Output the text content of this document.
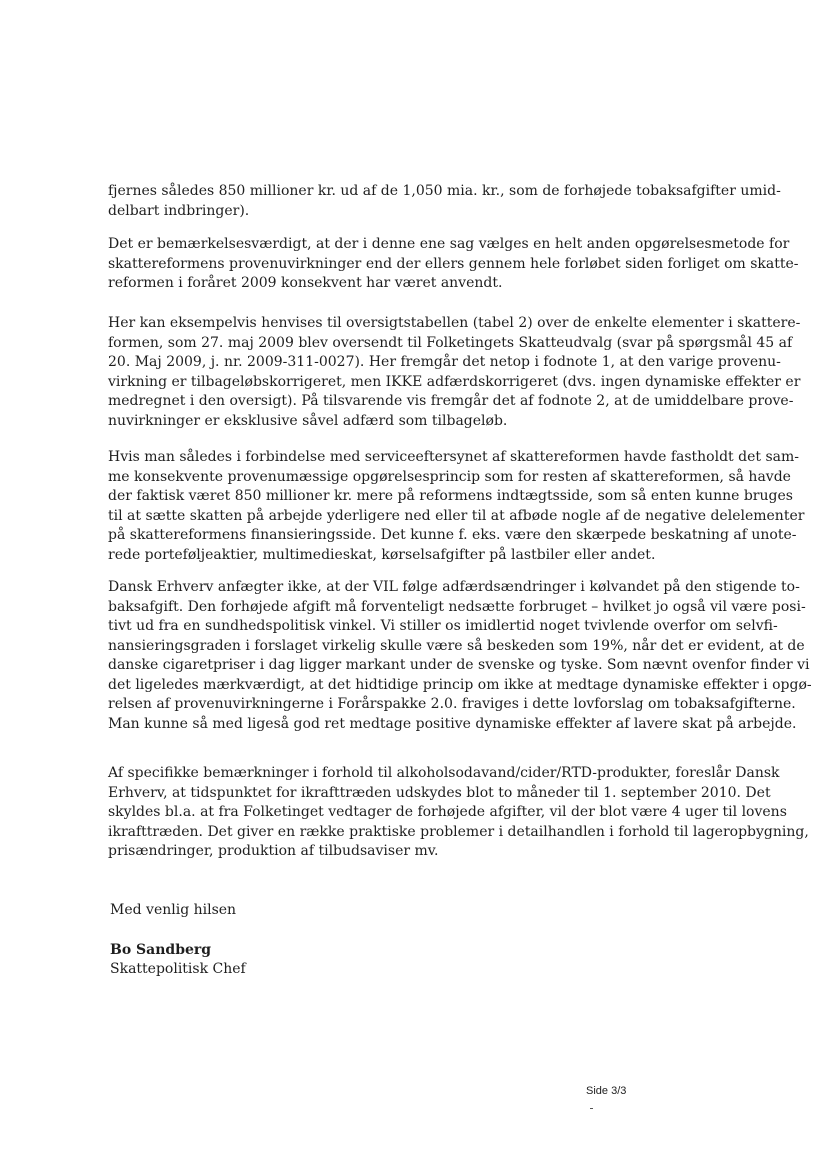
fjernes således 850 millioner kr. ud af de 1,050 mia. kr., som de forhøjede tobaksafgifter umid-
delbart indbringer).
Det er bemærkelsesværdigt, at der i denne ene sag vælges en helt anden opgørelsesmetode for
skattereformens provenuvirkninger end der ellers gennem hele forløbet siden forliget om skatte-
reformen i foråret 2009 konsekvent har været anvendt.
Her kan eksempelvis henvises til oversigtstabellen (tabel 2) over de enkelte elementer i skattere-
formen, som 27. maj 2009 blev oversendt til Folketingets Skatteudvalg (svar på spørgsmål 45 af
20. Maj 2009, j. nr. 2009-311-0027). Her fremgår det netop i fodnote 1, at den varige provenu-
virkning er tilbageløbskorrigeret, men IKKE adfærdskorrigeret (dvs. ingen dynamiske effekter er
medregnet i den oversigt). På tilsvarende vis fremgår det af fodnote 2, at de umiddelbare prove-
nuvirkninger er eksklusive såvel adfærd som tilbageløb.
Hvis man således i forbindelse med serviceeftersynet af skattereformen havde fastholdt det sam-
me konsekvente provenumæssige opgørelsesprincip som for resten af skattereformen, så havde
der faktisk været 850 millioner kr. mere på reformens indtægtsside, som så enten kunne bruges
til at sætte skatten på arbejde yderligere ned eller til at afbøde nogle af de negative delelementer
på skattereformens finansieringsside. Det kunne f. eks. være den skærpede beskatning af unote-
rede porteføljeaktier, multimedieskat, kørselsafgifter på lastbiler eller andet.
Dansk Erhverv anfægter ikke, at der VIL følge adfærdsændringer i kølvandet på den stigende to-
baksafgift. Den forhøjede afgift må forventeligt nedsætte forbruget – hvilket jo også vil være posi-
tivt ud fra en sundhedspolitisk vinkel. Vi stiller os imidlertid noget tvivlende overfor om selvfi-
nansieringsgraden i forslaget virkelig skulle være så beskeden som 19%, når det er evident, at de
danske cigaretpriser i dag ligger markant under de svenske og tyske. Som nævnt ovenfor finder vi
det ligeledes mærkværdigt, at det hidtidige princip om ikke at medtage dynamiske effekter i opgø-
relsen af provenuvirkningerne i Forårspakke 2.0. fraviges i dette lovforslag om tobaksafgifterne.
Man kunne så med ligeså god ret medtage positive dynamiske effekter af lavere skat på arbejde.
Af specifikke bemærkninger i forhold til alkoholsodavand/cider/RTD-produkter, foreslår Dansk
Erhverv, at tidspunktet for ikrafttræden udskydes blot to måneder til 1. september 2010. Det
skyldes bl.a. at fra Folketinget vedtager de forhøjede afgifter, vil der blot være 4 uger til lovens
ikrafttræden. Det giver en række praktiske problemer i detailhandlen i forhold til lageropbygning,
prisændringer, produktion af tilbudsaviser mv.
Med venlig hilsen
Bo Sandberg
Skattepolitisk Chef
Side 3/3
